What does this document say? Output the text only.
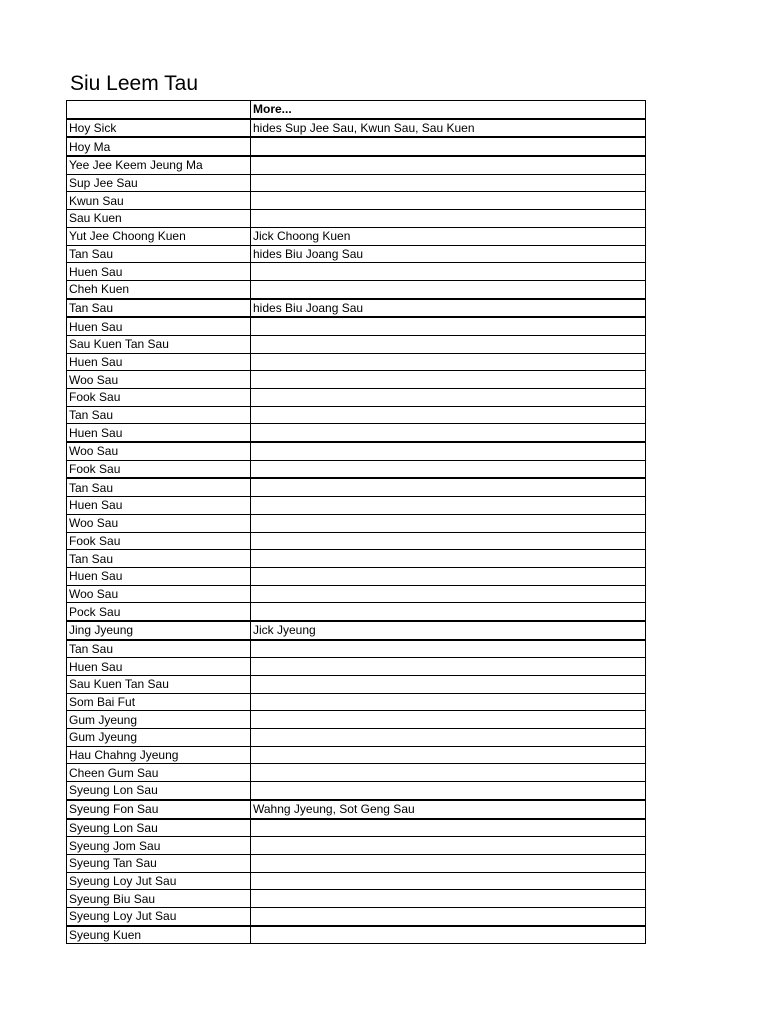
Siu Leem Tau
	More...
Hoy Sick	hides Sup Jee Sau, Kwun Sau, Sau Kuen
Hoy Ma	
Yee Jee Keem Jeung Ma	
Sup Jee Sau	
Kwun Sau	
Sau Kuen	
Yut Jee Choong Kuen	Jick Choong Kuen
Tan Sau	hides Biu Joang Sau
Huen Sau	
Cheh Kuen	
Tan Sau	hides Biu Joang Sau
Huen Sau	
Sau Kuen Tan Sau	
Huen Sau	
Woo Sau	
Fook Sau	
Tan Sau	
Huen Sau	
Woo Sau	
Fook Sau	
Tan Sau	
Huen Sau	
Woo Sau	
Fook Sau	
Tan Sau	
Huen Sau	
Woo Sau	
Pock Sau	
Jing Jyeung	Jick Jyeung
Tan Sau	
Huen Sau	
Sau Kuen Tan Sau	
Som Bai Fut	
Gum Jyeung	
Gum Jyeung	
Hau Chahng Jyeung	
Cheen Gum Sau	
Syeung Lon Sau	
Syeung Fon Sau	Wahng Jyeung, Sot Geng Sau
Syeung Lon Sau	
Syeung Jom Sau	
Syeung Tan Sau	
Syeung Loy Jut Sau	
Syeung Biu Sau	
Syeung Loy Jut Sau	
Syeung Kuen	
